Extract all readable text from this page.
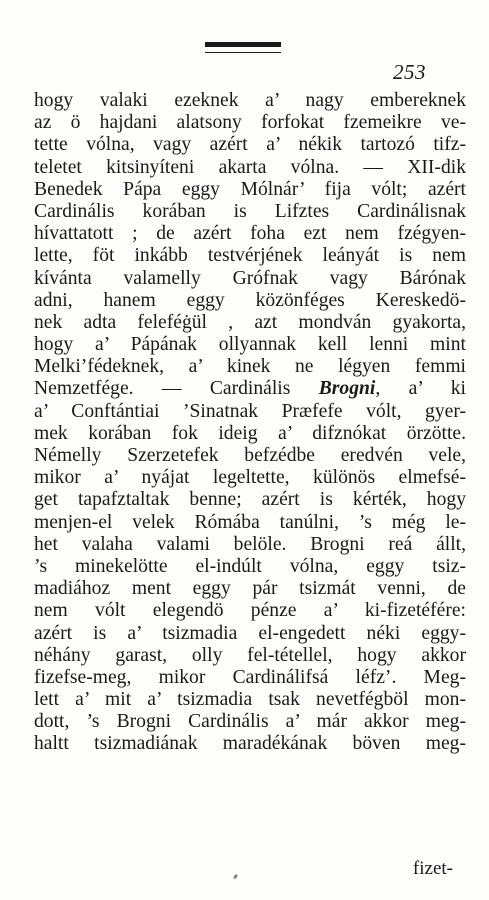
253
hogy valaki ezeknek a’ nagy embereknek
az ö hajdani alatsony forfokat fzemeikre ve-
tette vólna, vagy azért a’ nékik tartozó tifz-
teletet kitsinyíteni akarta vólna. — XII-dik
Benedek Pápa eggy Mólnár’ fija vólt; azért
Cardinális korában is Lifztes Cardinálisnak
hívattatott ; de azért foha ezt nem fzégyen-
lette, föt inkább testvérjének leányát is nem
kívánta valamelly Grófnak vagy Bárónak
adni, hanem eggy közönféges Kereskedö-
nek adta feleféġül , azt mondván gyakorta,
hogy a’ Pápának ollyannak kell lenni mint
Melki’fédeknek, a’ kinek ne légyen femmi
Nemzetfége. — Cardinális Brogni, a’ ki
a’ Conftántiai ’Sinatnak Præfefe vólt, gyer-
mek korában fok ideig a’ difznókat örzötte.
Némelly Szerzetefek befzédbe eredvén vele,
mikor a’ nyájat legeltette, különös elmefsé-
get tapafztaltak benne; azért is kérték, hogy
menjen-el velek Rómába tanúlni, ’s még le-
het valaha valami belöle. Brogni reá állt,
’s minekelötte el-indúlt vólna, eggy tsiz-
madiához ment eggy pár tsizmát venni, de
nem vólt elegendö pénze a’ ki-fizetéfére:
azért is a’ tsizmadia el-engedett néki eggy-
néhány garast, olly fel-tétellel, hogy akkor
fizefse-meg, mikor Cardinálifsá léfz’. Meg-
lett a’ mit a’ tsizmadia tsak nevetfégböl mon-
dott, ’s Brogni Cardinális a’ már akkor meg-
haltt tsizmadiának maradékának böven meg-
fizet-
